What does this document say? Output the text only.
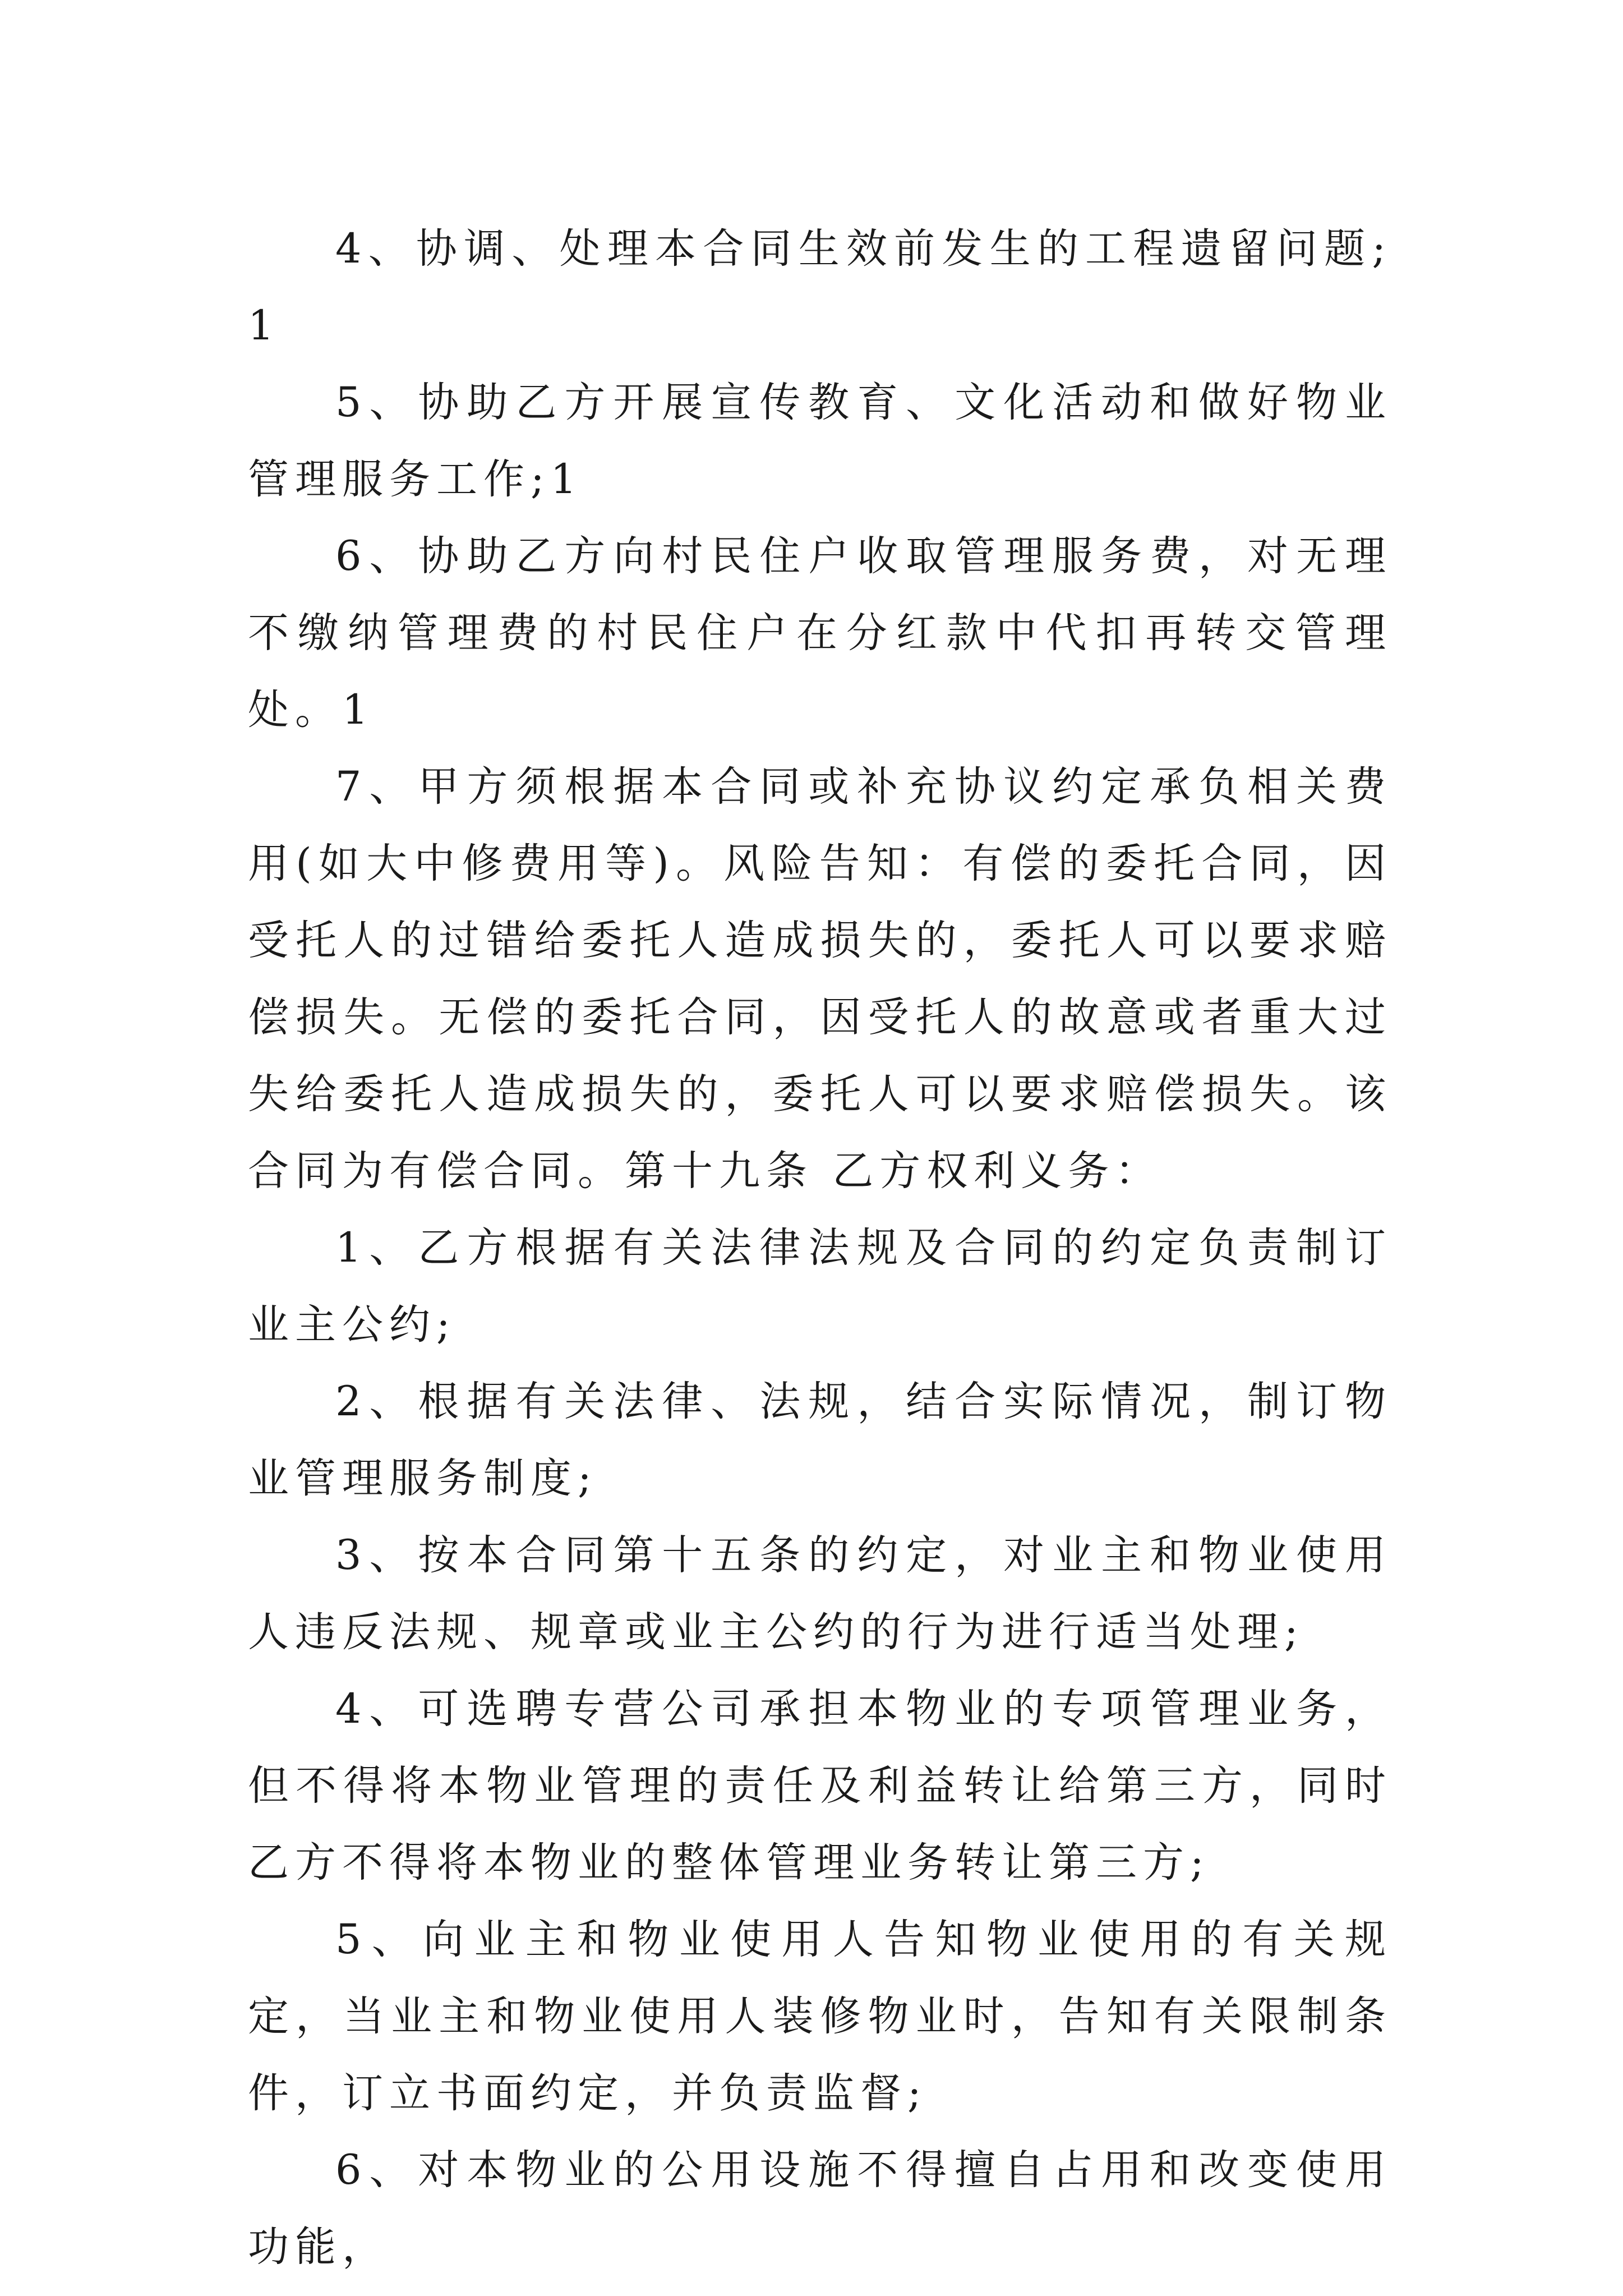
4、协调、处理本合同生效前发生的工程遗留问题;1

5、协助乙方开展宣传教育、文化活动和做好物业管理服务工作;1

6、协助乙方向村民住户收取管理服务费，对无理不缴纳管理费的村民住户在分红款中代扣再转交管理处。1

7、甲方须根据本合同或补充协议约定承负相关费用(如大中修费用等)。风险告知：有偿的委托合同，因受托人的过错给委托人造成损失的，委托人可以要求赔偿损失。无偿的委托合同，因受托人的故意或者重大过失给委托人造成损失的，委托人可以要求赔偿损失。该合同为有偿合同。第十九条 乙方权利义务：

1、乙方根据有关法律法规及合同的约定负责制订业主公约;

2、根据有关法律、法规，结合实际情况，制订物业管理服务制度;

3、按本合同第十五条的约定，对业主和物业使用人违反法规、规章或业主公约的行为进行适当处理;

4、可选聘专营公司承担本物业的专项管理业务，但不得将本物业管理的责任及利益转让给第三方，同时乙方不得将本物业的整体管理业务转让第三方;

5、向业主和物业使用人告知物业使用的有关规定，当业主和物业使用人装修物业时，告知有关限制条件，订立书面约定，并负责监督;

6、对本物业的公用设施不得擅自占用和改变使用功能，
